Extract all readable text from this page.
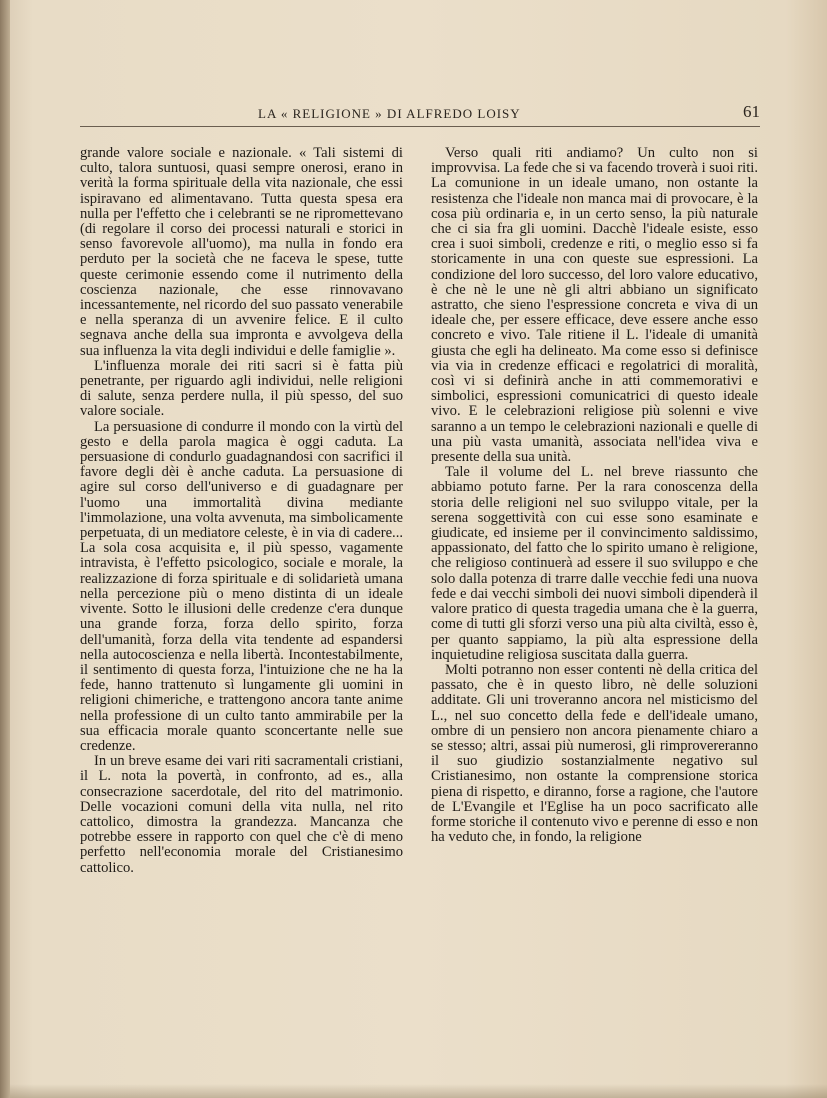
LA « RELIGIONE » DI ALFREDO LOISY	61

grande valore sociale e nazionale. « Tali sistemi di culto, talora suntuosi, quasi sempre onerosi, erano in verità la forma spirituale della vita nazionale, che essi ispiravano ed alimentavano. Tutta questa spesa era nulla per l'effetto che i celebranti se ne ripromettevano (di regolare il corso dei processi naturali e storici in senso favorevole all'uomo), ma nulla in fondo era perduto per la società che ne faceva le spese, tutte queste cerimonie essendo come il nutrimento della coscienza nazionale, che esse rinnovavano incessantemente, nel ricordo del suo passato venerabile e nella speranza di un avvenire felice. E il culto segnava anche della sua impronta e avvolgeva della sua influenza la vita degli individui e delle famiglie ».

L'influenza morale dei riti sacri si è fatta più penetrante, per riguardo agli individui, nelle religioni di salute, senza perdere nulla, il più spesso, del suo valore sociale.

La persuasione di condurre il mondo con la virtù del gesto e della parola magica è oggi caduta. La persuasione di condurlo guadagnandosi con sacrifici il favore degli dèi è anche caduta. La persuasione di agire sul corso dell'universo e di guadagnare per l'uomo una immortalità divina mediante l'immolazione, una volta avvenuta, ma simbolicamente perpetuata, di un mediatore celeste, è in via di cadere... La sola cosa acquisita e, il più spesso, vagamente intravista, è l'effetto psicologico, sociale e morale, la realizzazione di forza spirituale e di solidarietà umana nella percezione più o meno distinta di un ideale vivente. Sotto le illusioni delle credenze c'era dunque una grande forza, forza dello spirito, forza dell'umanità, forza della vita tendente ad espandersi nella autocoscienza e nella libertà. Incontestabilmente, il sentimento di questa forza, l'intuizione che ne ha la fede, hanno trattenuto sì lungamente gli uomini in religioni chimeriche, e trattengono ancora tante anime nella professione di un culto tanto ammirabile per la sua efficacia morale quanto sconcertante nelle sue credenze.

In un breve esame dei vari riti sacramentali cristiani, il L. nota la povertà, in confronto, ad es., alla consecrazione sacerdotale, del rito del matrimonio. Delle vocazioni comuni della vita nulla, nel rito cattolico, dimostra la grandezza. Mancanza che potrebbe essere in rapporto con quel che c'è di meno perfetto nell'economia morale del Cristianesimo cattolico.

Verso quali riti andiamo? Un culto non si improvvisa. La fede che si va facendo troverà i suoi riti. La comunione in un ideale umano, non ostante la resistenza che l'ideale non manca mai di provocare, è la cosa più ordinaria e, in un certo senso, la più naturale che ci sia fra gli uomini. Dacchè l'ideale esiste, esso crea i suoi simboli, credenze e riti, o meglio esso si fa storicamente in una con queste sue espressioni. La condizione del loro successo, del loro valore educativo, è che nè le une nè gli altri abbiano un significato astratto, che sieno l'espressione concreta e viva di un ideale che, per essere efficace, deve essere anche esso concreto e vivo. Tale ritiene il L. l'ideale di umanità giusta che egli ha delineato. Ma come esso si definisce via via in credenze efficaci e regolatrici di moralità, così vi si definirà anche in atti commemorativi e simbolici, espressioni comunicatrici di questo ideale vivo. E le celebrazioni religiose più solenni e vive saranno a un tempo le celebrazioni nazionali e quelle di una più vasta umanità, associata nell'idea viva e presente della sua unità.

Tale il volume del L. nel breve riassunto che abbiamo potuto farne. Per la rara conoscenza della storia delle religioni nel suo sviluppo vitale, per la serena soggettività con cui esse sono esaminate e giudicate, ed insieme per il convincimento saldissimo, appassionato, del fatto che lo spirito umano è religione, che religioso continuerà ad essere il suo sviluppo e che solo dalla potenza di trarre dalle vecchie fedi una nuova fede e dai vecchi simboli dei nuovi simboli dipenderà il valore pratico di questa tragedia umana che è la guerra, come di tutti gli sforzi verso una più alta civiltà, esso è, per quanto sappiamo, la più alta espressione della inquietudine religiosa suscitata dalla guerra.

Molti potranno non esser contenti nè della critica del passato, che è in questo libro, nè delle soluzioni additate. Gli uni troveranno ancora nel misticismo del L., nel suo concetto della fede e dell'ideale umano, ombre di un pensiero non ancora pienamente chiaro a se stesso; altri, assai più numerosi, gli rimprovereranno il suo giudizio sostanzialmente negativo sul Cristianesimo, non ostante la comprensione storica piena di rispetto, e diranno, forse a ragione, che l'autore de L'Evangile et l'Eglise ha un poco sacrificato alle forme storiche il contenuto vivo e perenne di esso e non ha veduto che, in fondo, la religione
